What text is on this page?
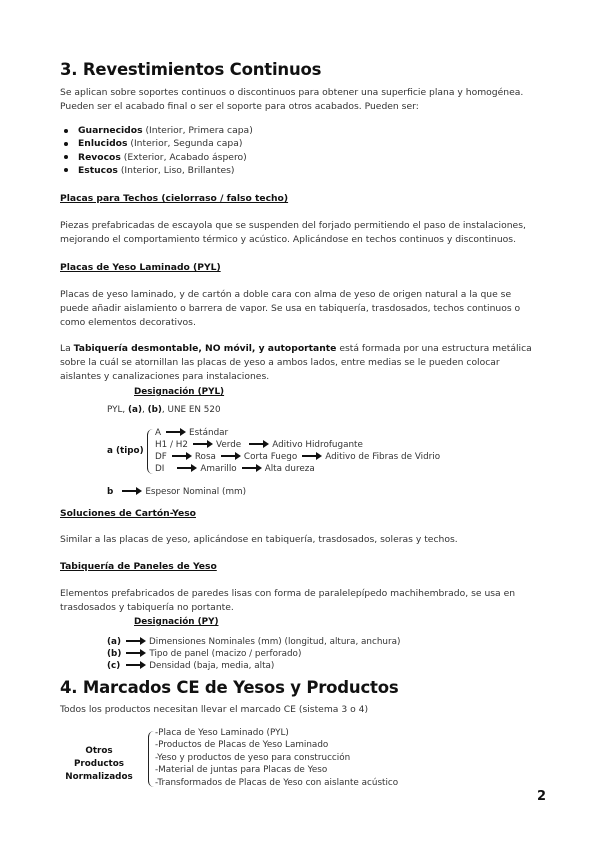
3. Revestimientos Continuos
Se aplican sobre soportes continuos o discontinuos para obtener una superficie plana y homogénea. Pueden ser el acabado final o ser el soporte para otros acabados. Pueden ser:
Guarnecidos (Interior, Primera capa)
Enlucidos (Interior, Segunda capa)
Revocos (Exterior, Acabado áspero)
Estucos (Interior, Liso, Brillantes)
Placas para Techos (cielorraso / falso techo)
Piezas prefabricadas de escayola que se suspenden del forjado permitiendo el paso de instalaciones, mejorando el comportamiento térmico y acústico. Aplicándose en techos continuos y discontinuos.
Placas de Yeso Laminado (PYL)
Placas de yeso laminado, y de cartón a doble cara con alma de yeso de origen natural a la que se puede añadir aislamiento o barrera de vapor. Se usa en tabiquería, trasdosados, techos continuos o como elementos decorativos.
La Tabiquería desmontable, NO móvil, y autoportante está formada por una estructura metálica sobre la cuál se atornillan las placas de yeso a ambos lados, entre medias se le pueden colocar aislantes y canalizaciones para instalaciones.
Designación (PYL)
PYL, (a), (b), UNE EN 520
a (tipo)
A	Estándar
H1 / H2	Verde	Aditivo Hidrofugante
DF	Rosa	Corta Fuego	Aditivo de Fibras de Vidrio
DI	Amarillo	Alta dureza
b	Espesor Nominal (mm)
Soluciones de Cartón-Yeso
Similar a las placas de yeso, aplicándose en tabiquería, trasdosados, soleras y techos.
Tabiquería de Paneles de Yeso
Elementos prefabricados de paredes lisas con forma de paralelepípedo machihembrado, se usa en trasdosados y tabiquería no portante.
Designación (PY)
(a)	Dimensiones Nominales (mm) (longitud, altura, anchura)
(b)	Tipo de panel (macizo / perforado)
(c)	Densidad (baja, media, alta)
4. Marcados CE de Yesos y Productos
Todos los productos necesitan llevar el marcado CE (sistema 3 o 4)
Otros Productos
Normalizados
-Placa de Yeso Laminado (PYL)
-Productos de Placas de Yeso Laminado
-Yeso y productos de yeso para construcción
-Material de juntas para Placas de Yeso
-Transformados de Placas de Yeso con aislante acústico
2
